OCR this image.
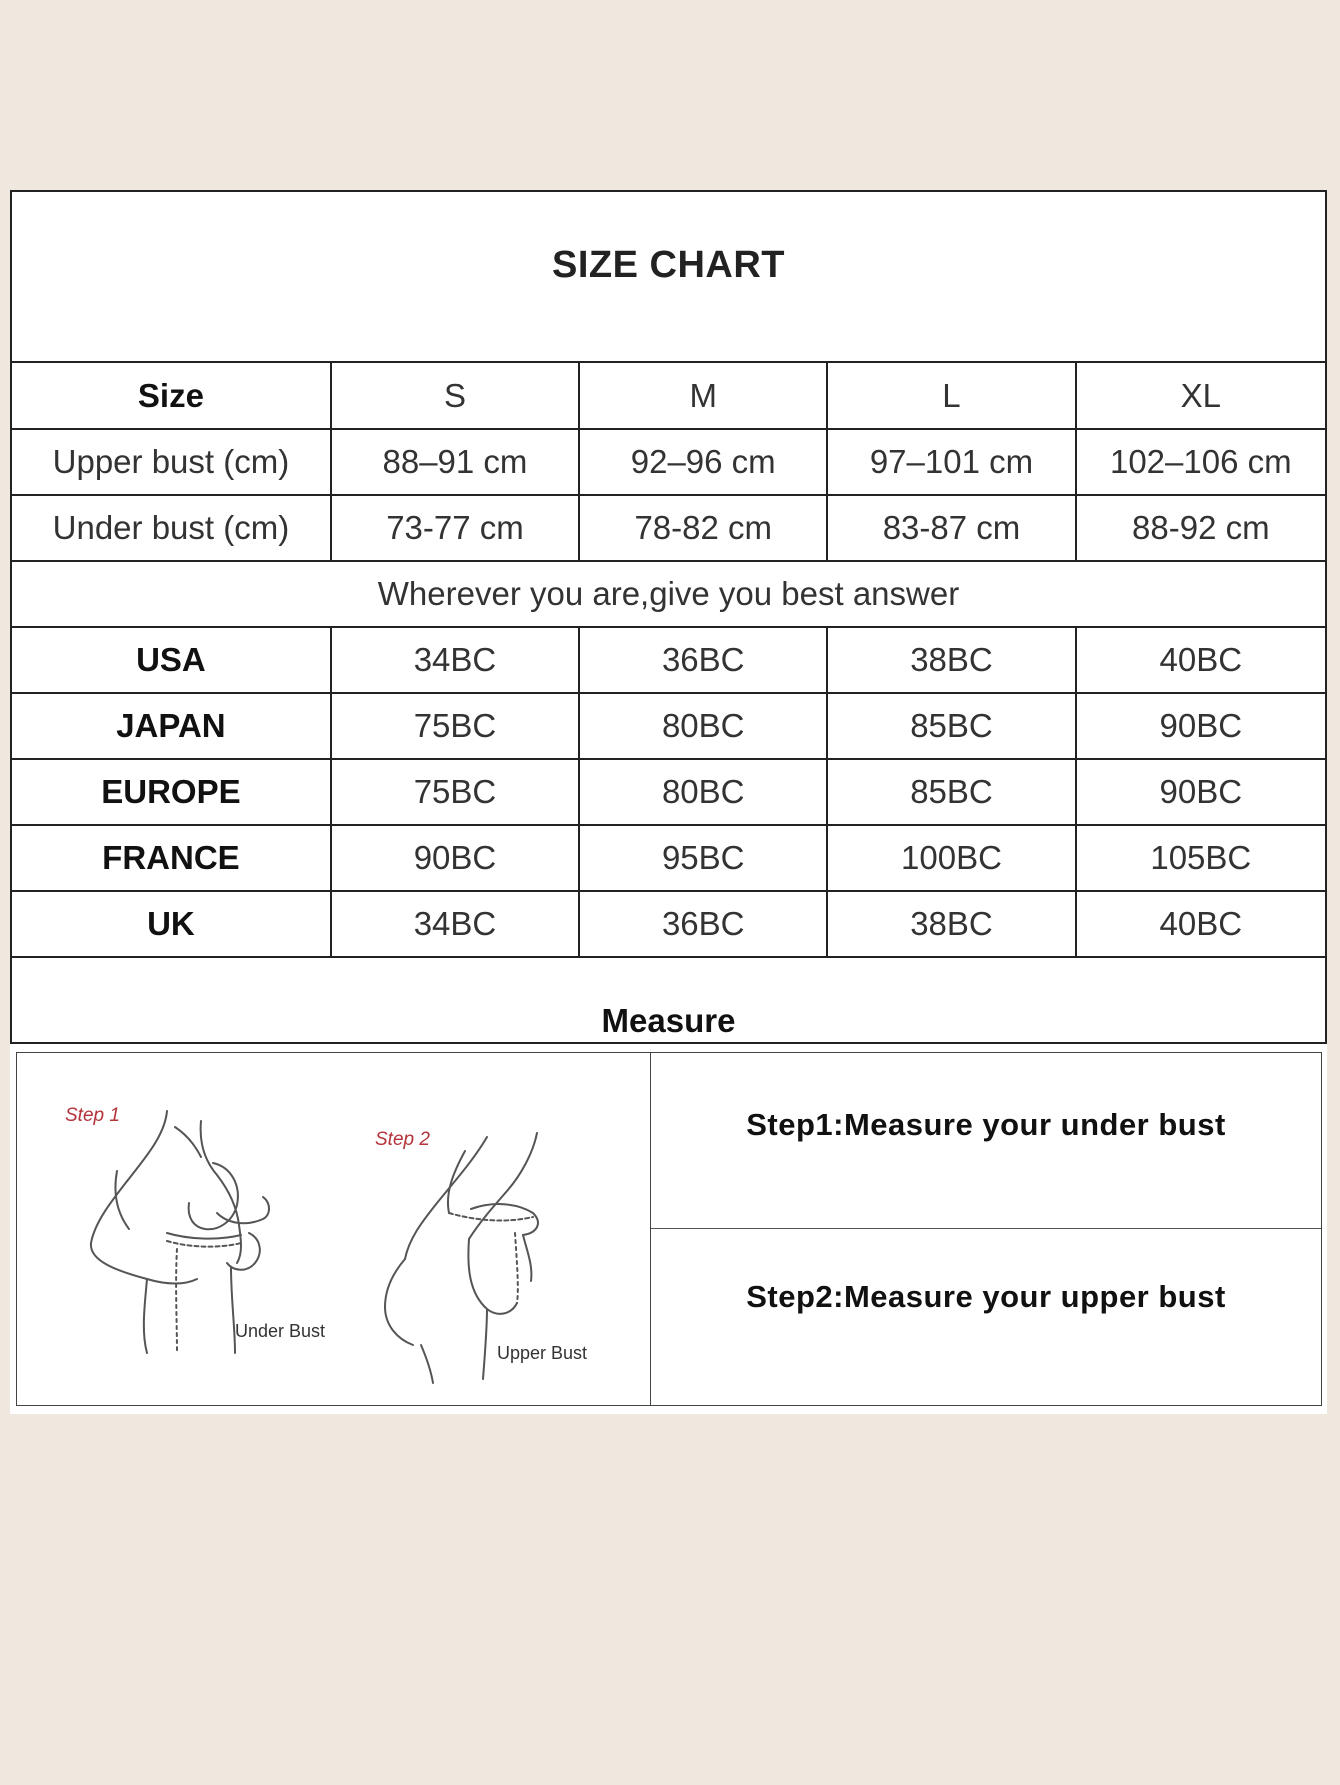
SIZE CHART
Size	S	M	L	XL
Upper bust (cm)	88–91 cm	92–96 cm	97–101 cm	102–106 cm
Under bust (cm)	73-77 cm	78-82 cm	83-87 cm	88-92 cm
Wherever you are,give you best answer				
USA	34BC	36BC	38BC	40BC
JAPAN	75BC	80BC	85BC	90BC
EUROPE	75BC	80BC	85BC	90BC
FRANCE	90BC	95BC	100BC	105BC
UK	34BC	36BC	38BC	40BC
Measure
Step 1
Under Bust
Step 2
Upper Bust
Step1:Measure your under bust
Step2:Measure your upper bust
